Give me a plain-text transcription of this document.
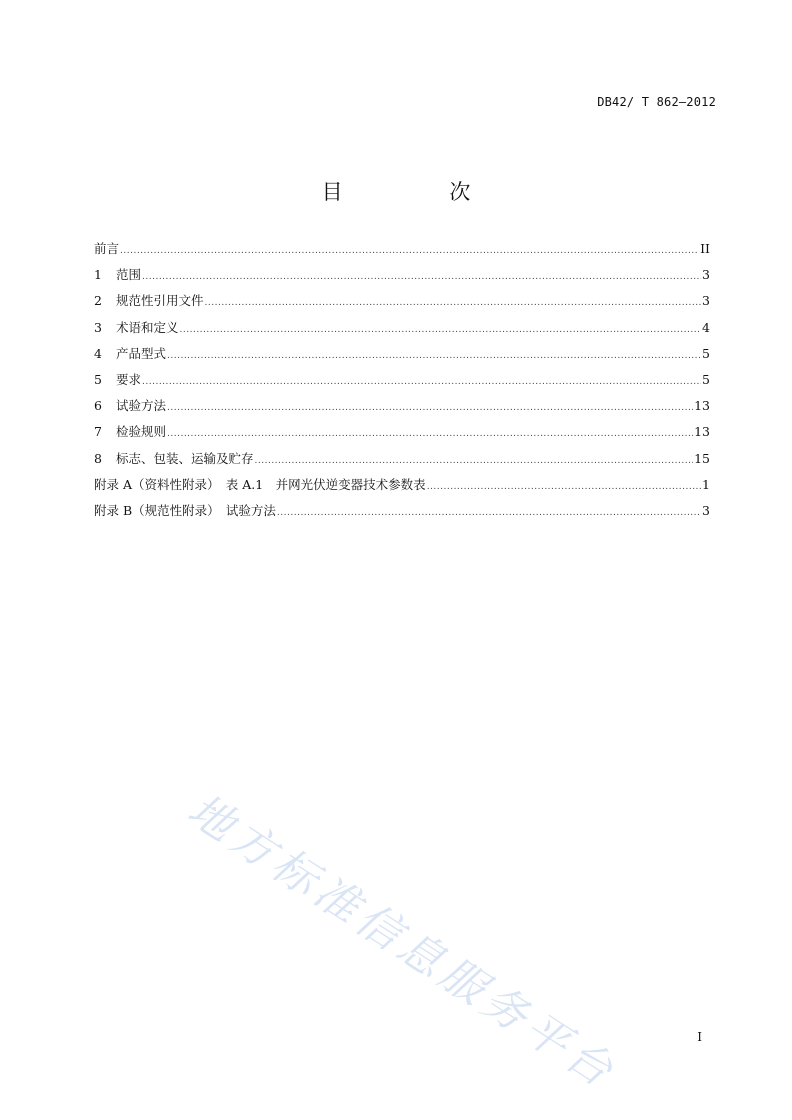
DB42/ T 862—2012
目 次
前言 .....	II
1	范围 .....	3
2	规范性引用文件 .....	3
3	术语和定义 .....	4
4	产品型式 .....	5
5	要求 .....	5
6	试验方法 .....	13
7	检验规则 .....	13
8	标志、包装、运输及贮存 .....	15
附录 A（资料性附录）　表 A.1　并网光伏逆变器技术参数表 .....	1
附录 B（规范性附录）　试验方法 .....	3
地方标准信息服务平台	I
